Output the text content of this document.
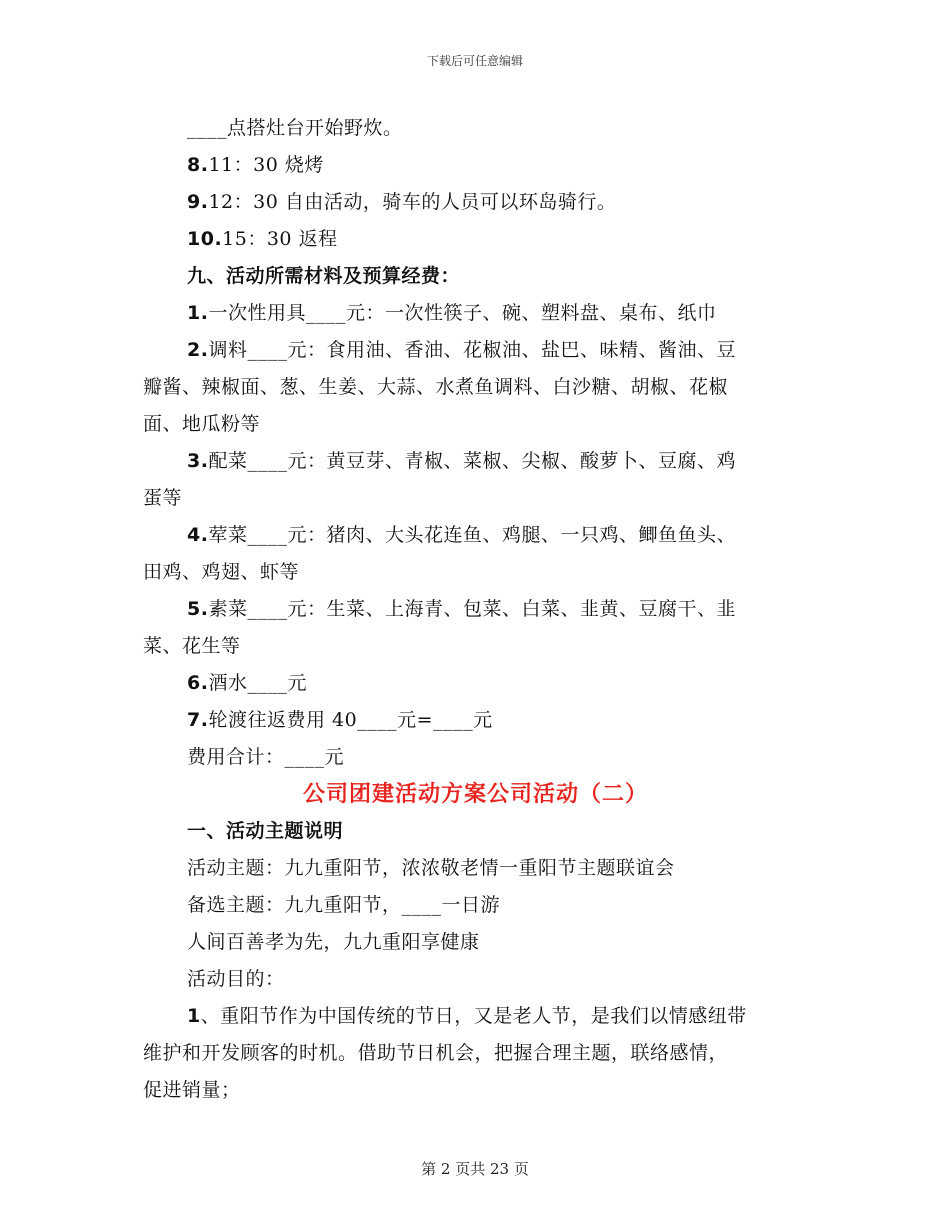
下载后可任意编辑
____点搭灶台开始野炊。
8.11：30 烧烤
9.12：30 自由活动，骑车的人员可以环岛骑行。
10.15：30 返程
九、活动所需材料及预算经费：
1.一次性用具____元：一次性筷子、碗、塑料盘、桌布、纸巾
2.调料____元：食用油、香油、花椒油、盐巴、味精、酱油、豆
瓣酱、辣椒面、葱、生姜、大蒜、水煮鱼调料、白沙糖、胡椒、花椒
面、地瓜粉等
3.配菜____元：黄豆芽、青椒、菜椒、尖椒、酸萝卜、豆腐、鸡
蛋等
4.荤菜____元：猪肉、大头花连鱼、鸡腿、一只鸡、鲫鱼鱼头、
田鸡、鸡翅、虾等
5.素菜____元：生菜、上海青、包菜、白菜、韭黄、豆腐干、韭
菜、花生等
6.酒水____元
7.轮渡往返费用 40____元=____元
费用合计：____元
公司团建活动方案公司活动（二）
一、活动主题说明
活动主题：九九重阳节，浓浓敬老情一重阳节主题联谊会
备选主题：九九重阳节，____一日游
人间百善孝为先，九九重阳享健康
活动目的：
1、重阳节作为中国传统的节日，又是老人节，是我们以情感纽带
维护和开发顾客的时机。借助节日机会，把握合理主题，联络感情，
促进销量；
第 2 页共 23 页
